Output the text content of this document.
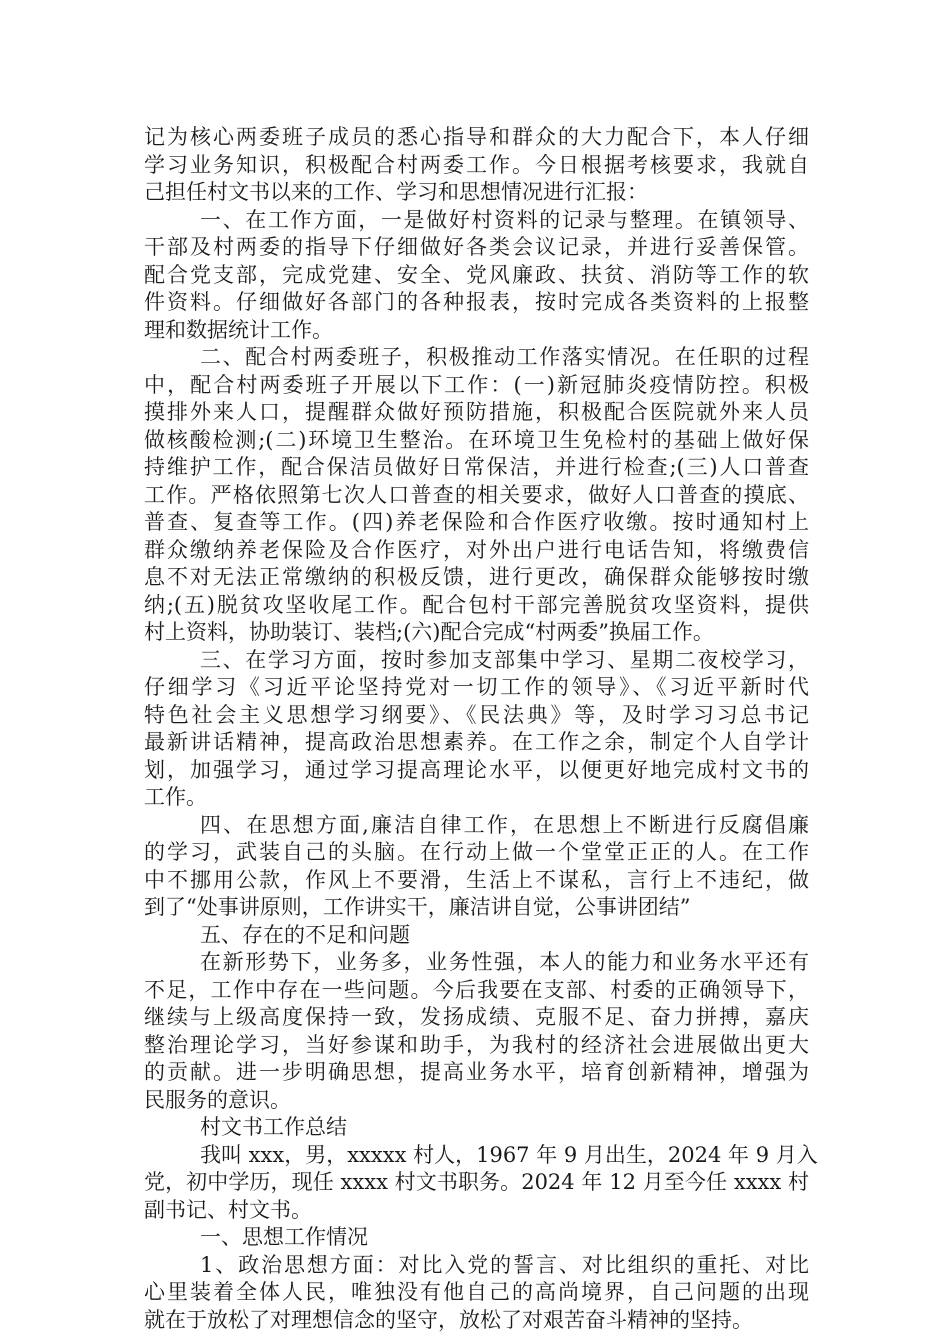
记为核心两委班子成员的悉心指导和群众的大力配合下，本人仔细
学习业务知识，积极配合村两委工作。今日根据考核要求，我就自
己担任村文书以来的工作、学习和思想情况进行汇报：
一、在工作方面，一是做好村资料的记录与整理。在镇领导、
干部及村两委的指导下仔细做好各类会议记录，并进行妥善保管。
配合党支部，完成党建、安全、党风廉政、扶贫、消防等工作的软
件资料。仔细做好各部门的各种报表，按时完成各类资料的上报整
理和数据统计工作。
二、配合村两委班子，积极推动工作落实情况。在任职的过程
中，配合村两委班子开展以下工作：(一)新冠肺炎疫情防控。积极
摸排外来人口，提醒群众做好预防措施，积极配合医院就外来人员
做核酸检测;(二)环境卫生整治。在环境卫生免检村的基础上做好保
持维护工作，配合保洁员做好日常保洁，并进行检查;(三)人口普查
工作。严格依照第七次人口普查的相关要求，做好人口普查的摸底、
普查、复查等工作。(四)养老保险和合作医疗收缴。按时通知村上
群众缴纳养老保险及合作医疗，对外出户进行电话告知，将缴费信
息不对无法正常缴纳的积极反馈，进行更改，确保群众能够按时缴
纳;(五)脱贫攻坚收尾工作。配合包村干部完善脱贫攻坚资料，提供
村上资料，协助装订、装档;(六)配合完成“村两委”换届工作。
三、在学习方面，按时参加支部集中学习、星期二夜校学习，
仔细学习《习近平论坚持党对一切工作的领导》、《习近平新时代
特色社会主义思想学习纲要》、《民法典》等，及时学习习总书记
最新讲话精神，提高政治思想素养。在工作之余，制定个人自学计
划，加强学习，通过学习提高理论水平，以便更好地完成村文书的
工作。
四、在思想方面,廉洁自律工作，在思想上不断进行反腐倡廉
的学习，武装自己的头脑。在行动上做一个堂堂正正的人。在工作
中不挪用公款，作风上不要滑，生活上不谋私，言行上不违纪，做
到了“处事讲原则，工作讲实干，廉洁讲自觉，公事讲团结”
五、存在的不足和问题
在新形势下，业务多，业务性强，本人的能力和业务水平还有
不足，工作中存在一些问题。今后我要在支部、村委的正确领导下，
继续与上级高度保持一致，发扬成绩、克服不足、奋力拼搏，嘉庆
整治理论学习，当好参谋和助手，为我村的经济社会进展做出更大
的贡献。进一步明确思想，提高业务水平，培育创新精神，增强为
民服务的意识。
村文书工作总结
我叫 xxx，男，xxxxx 村人，1967 年 9 月出生，2024 年 9 月入
党，初中学历，现任 xxxx 村文书职务。2024 年 12 月至今任 xxxx 村
副书记、村文书。
一、思想工作情况
1、政治思想方面：对比入党的誓言、对比组织的重托、对比
心里装着全体人民，唯独没有他自己的高尚境界，自己问题的出现
就在于放松了对理想信念的坚守，放松了对艰苦奋斗精神的坚持。
